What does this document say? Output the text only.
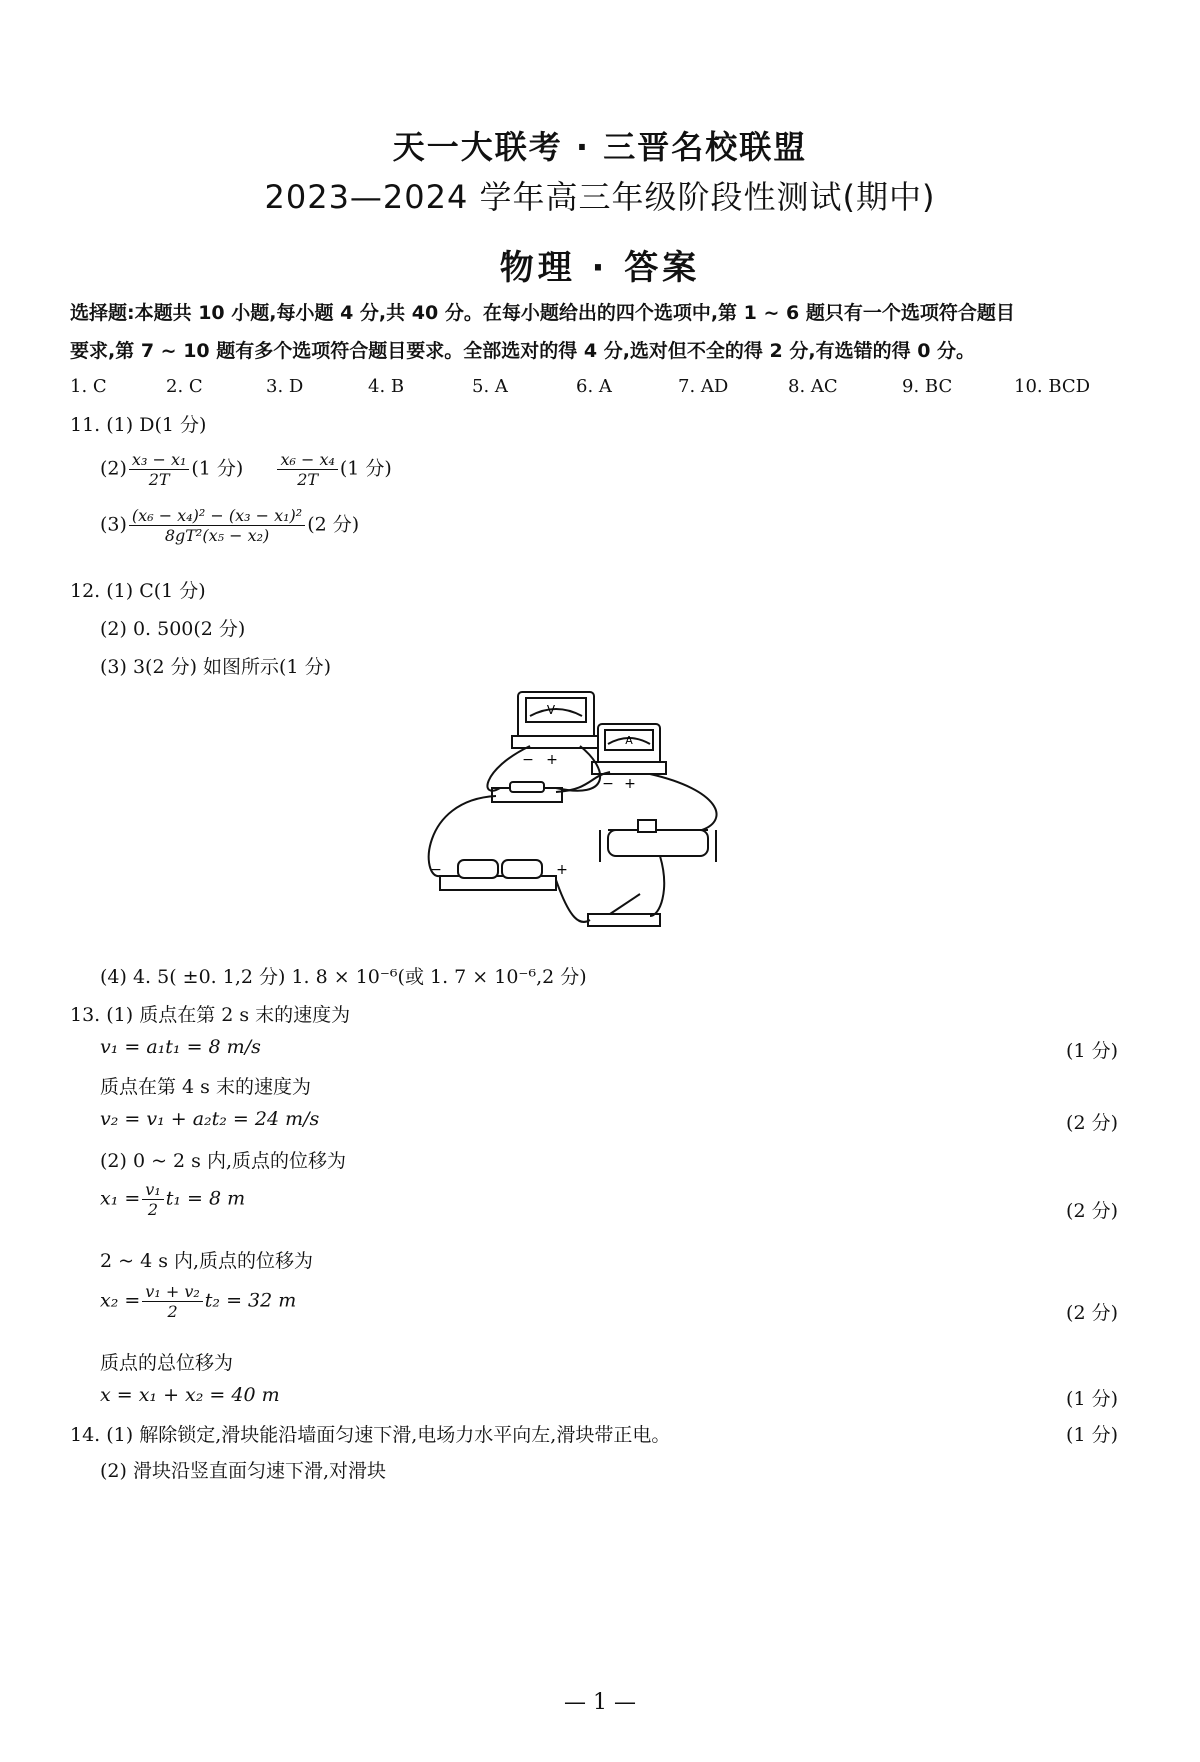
天一大联考 · 三晋名校联盟
2023—2024 学年高三年级阶段性测试(期中)
物理 · 答案
选择题:本题共 10 小题,每小题 4 分,共 40 分。在每小题给出的四个选项中,第 1 ~ 6 题只有一个选项符合题目
要求,第 7 ~ 10 题有多个选项符合题目要求。全部选对的得 4 分,选对但不全的得 2 分,有选错的得 0 分。
1. C	2. C	3. D	4. B	5. A	6. A	7. AD	8. AC	9. BC	10. BCD
11. (1) D(1 分)
$(2) \frac{\text{x₃ − x₁}}{2T} (1$ 分) $\frac{\text{x₆ − x₄}}{2T} (1$ 分)
$(3) \frac{\text{(x₆ − x₄)² − (x₃ − x₁)²}}{\text{8gT²(x₅ − x₂)}} (2$ 分)
12. (1) C(1 分)
(2) 0. 500(2 分)
(3) 3(2 分) 如图所示(1 分)
V
A
− +
− +
−	+
(4) 4. 5( ±0. 1,2 分) 1. 8 × 10⁻⁶(或 1. 7 × 10⁻⁶,2 分)
13. (1) 质点在第 2 s 末的速度为
v₁ = a₁t₁ = 8 m/s	(1 分)
质点在第 4 s 末的速度为
v₂ = v₁ + a₂t₂ = 24 m/s	(2 分)
(2) 0 ~ 2 s 内,质点的位移为
$x_1 = \frac{\text{v₁}}{2} t_1 = 8$ m
(2 分)
2 ~ 4 s 内,质点的位移为
$x_2 = \frac{\text{v₁ + v₂}}{2} t_2 = 32$ m
(2 分)
质点的总位移为
x = x₁ + x₂ = 40 m	(1 分)
14. (1) 解除锁定,滑块能沿墙面匀速下滑,电场力水平向左,滑块带正电。	(1 分)
(2) 滑块沿竖直面匀速下滑,对滑块
— 1 —
